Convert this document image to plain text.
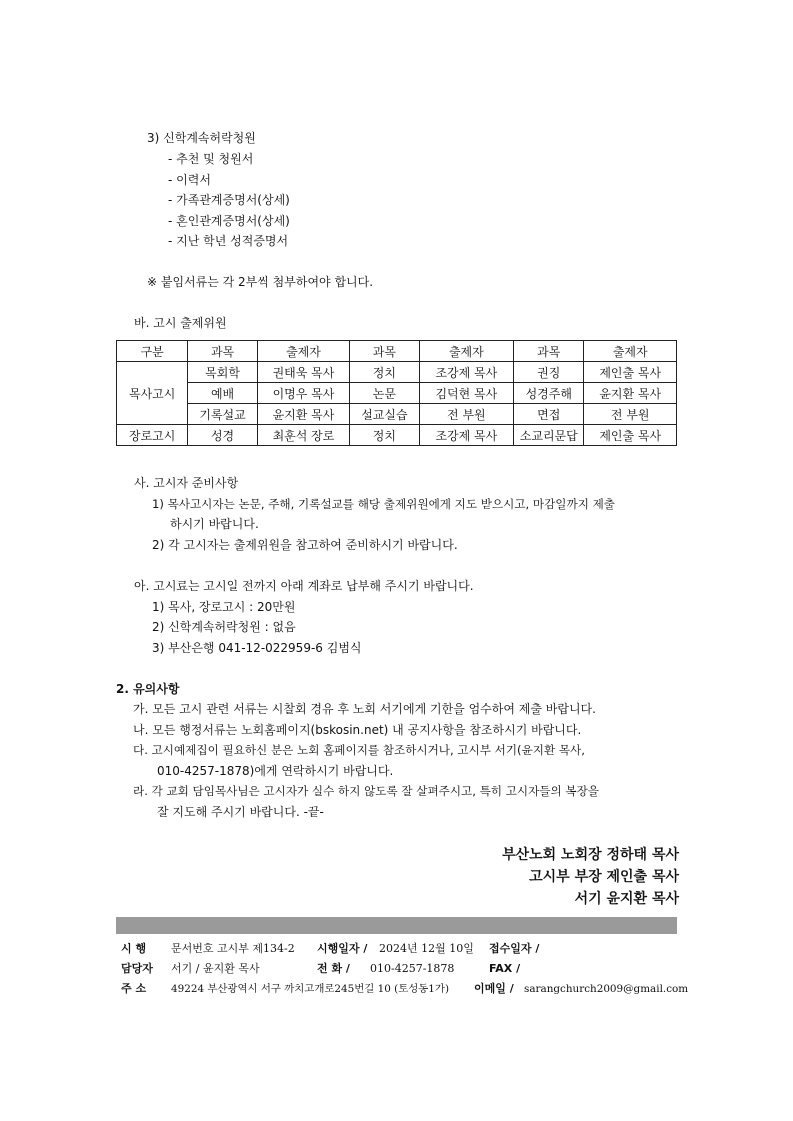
3) 신학계속허락청원
- 추천 및 청원서
- 이력서
- 가족관계증명서(상세)
- 혼인관계증명서(상세)
- 지난 학년 성적증명서
※ 붙임서류는 각 2부씩 첨부하여야 합니다.
바. 고시 출제위원
구분	과목	출제자	과목	출제자	과목	출제자
목사고시	목회학	권태욱 목사	정치	조강제 목사	권징	제인출 목사
	예배	이명우 목사	논문	김덕현 목사	성경주해	윤지환 목사
	기록설교	윤지환 목사	설교실습	전 부원	면접	전 부원
장로고시	성경	최훈석 장로	정치	조강제 목사	소교리문답	제인출 목사
사. 고시자 준비사항
1) 목사고시자는 논문, 주해, 기록설교를 해당 출제위원에게 지도 받으시고, 마감일까지 제출
하시기 바랍니다.
2) 각 고시자는 출제위원을 참고하여 준비하시기 바랍니다.
아. 고시료는 고시일 전까지 아래 계좌로 납부해 주시기 바랍니다.
1) 목사, 장로고시 : 20만원
2) 신학계속허락청원 : 없음
3) 부산은행 041-12-022959-6 김범식
2. 유의사항
가. 모든 고시 관련 서류는 시찰회 경유 후 노회 서기에게 기한을 엄수하여 제출 바랍니다.
나. 모든 행정서류는 노회홈페이지(bskosin.net) 내 공지사항을 참조하시기 바랍니다.
다. 고시예제집이 필요하신 분은 노회 홈페이지를 참조하시거나, 고시부 서기(윤지환 목사,
010-4257-1878)에게 연락하시기 바랍니다.
라. 각 교회 담임목사님은 고시자가 실수 하지 않도록 잘 살펴주시고, 특히 고시자들의 복장을
잘 지도해 주시기 바랍니다. -끝-
부산노회 노회장 정하태 목사
고시부 부장 제인출 목사
서기 윤지환 목사
시 행 문서번호 고시부 제134-2 시행일자 / 2024년 12월 10일 접수일자 /
담당자 서기 / 윤지환 목사	전 화 / 010-4257-1878	FAX /
주 소 49224 부산광역시 서구 까치고개로245번길 10 (토성동1가) 이메일 / sarangchurch2009@gmail.com
